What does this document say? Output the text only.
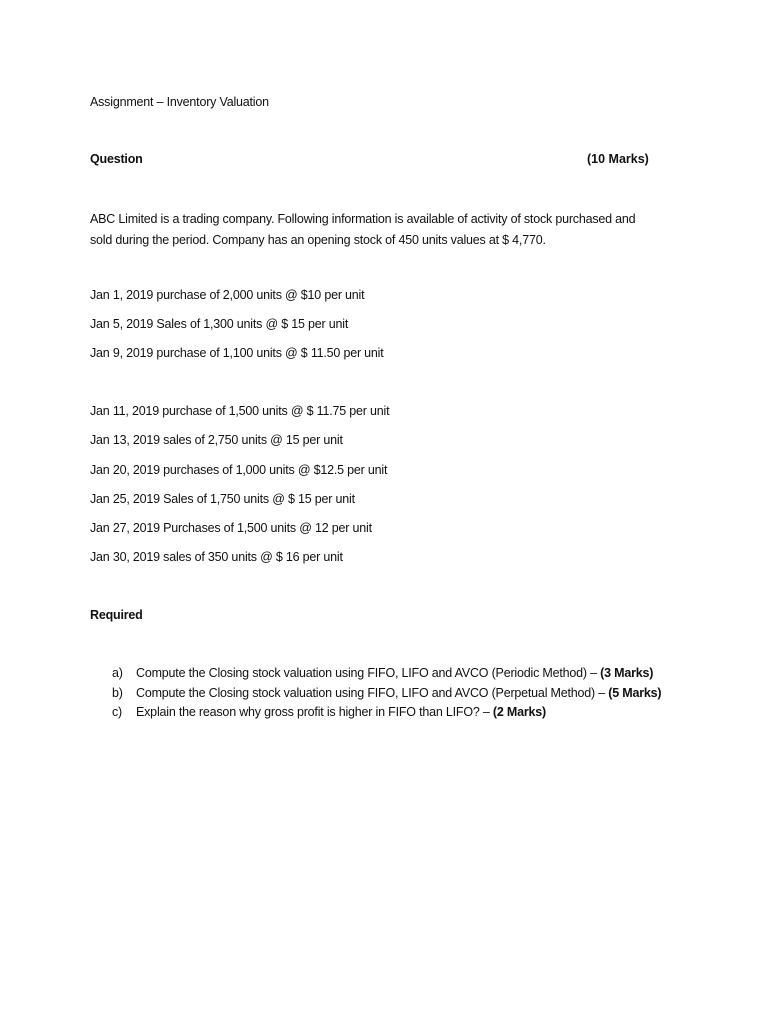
Assignment – Inventory Valuation
Question	(10 Marks)
ABC Limited is a trading company. Following information is available of activity of stock purchased and
sold during the period. Company has an opening stock of 450 units values at $ 4,770.
Jan 1, 2019 purchase of 2,000 units @ $10 per unit
Jan 5, 2019 Sales of 1,300 units @ $ 15 per unit
Jan 9, 2019 purchase of 1,100 units @ $ 11.50 per unit
Jan 11, 2019 purchase of 1,500 units @ $ 11.75 per unit
Jan 13, 2019 sales of 2,750 units @ 15 per unit
Jan 20, 2019 purchases of 1,000 units @ $12.5 per unit
Jan 25, 2019 Sales of 1,750 units @ $ 15 per unit
Jan 27, 2019 Purchases of 1,500 units @ 12 per unit
Jan 30, 2019 sales of 350 units @ $ 16 per unit
Required
a) Compute the Closing stock valuation using FIFO, LIFO and AVCO (Periodic Method) – (3 Marks)
b) Compute the Closing stock valuation using FIFO, LIFO and AVCO (Perpetual Method) – (5 Marks)
c) Explain the reason why gross profit is higher in FIFO than LIFO? – (2 Marks)
